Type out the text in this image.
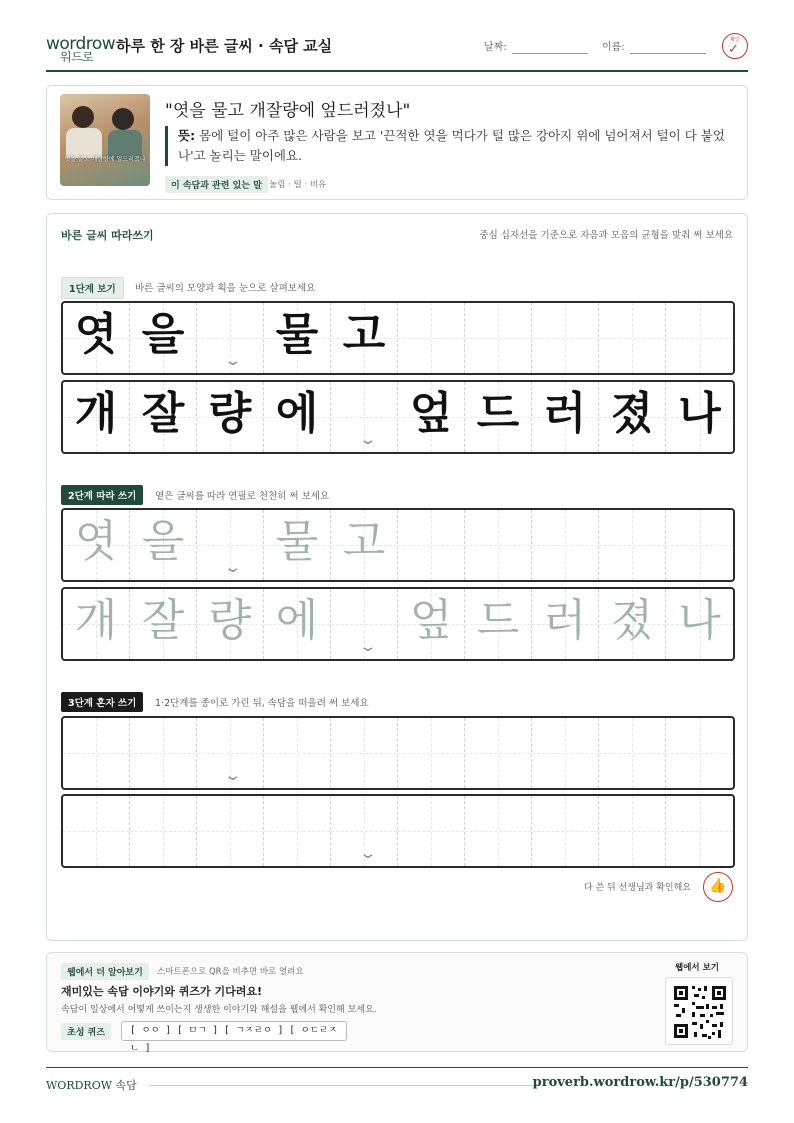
wordrow
워드로
하루 한 장 바른 글씨 · 속담 교실	날짜:	이름:
확인
✓
엿을 물고 개잘량에 엎드러졌나
"엿을 물고 개잘량에 엎드러졌나"
뜻: 몸에 털이 아주 많은 사람을 보고 '끈적한 엿을 먹다가 털 많은 강아지 위에 넘어져서 털이 다 붙었나'고 놀리는 말이에요.
이 속담과 관련 있는 말 놀림 · 털 · 비유
바른 글씨 따라쓰기	중심 십자선을 기준으로 자음과 모음의 균형을 맞춰 써 보세요
1단계 보기	바른 글씨의 모양과 획을 눈으로 살펴보세요
엿 을 물 고
⌄
개 잘 량 에 엎 드 러 졌 나
⌄
2단계 따라 쓰기	옅은 글씨를 따라 연필로 천천히 써 보세요
엿 을 물 고
⌄
개 잘 량 에 엎 드 러 졌 나
⌄
3단계 혼자 쓰기	1·2단계를 종이로 가린 뒤, 속담을 떠올려 써 보세요
⌄
⌄
다 쓴 뒤 선생님과 확인해요	👍
웹에서 더 알아보기	스마트폰으로 QR을 비추면 바로 열려요
재미있는 속담 이야기와 퀴즈가 기다려요!
속담이 일상에서 어떻게 쓰이는지 생생한 이야기와 해설을 웹에서 확인해 보세요.
초성 퀴즈	[ ㅇㅇ ] [ ㅁㄱ ] [ ㄱㅈㄹㅇ ] [ ㅇㄷㄹㅈㄴ ]
웹에서 보기
WORDROW 속담	proverb.wordrow.kr/p/530774
